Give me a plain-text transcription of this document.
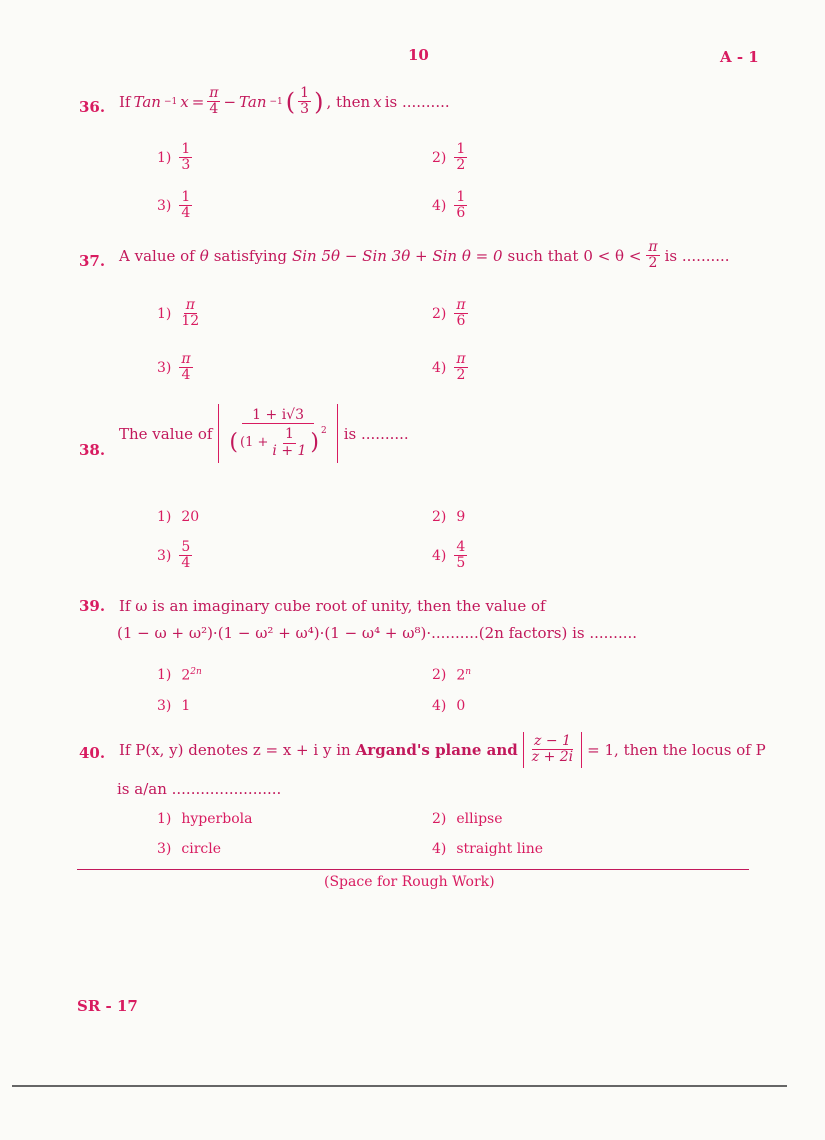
10	A - 1
36. If Tan −1 $x = \frac{\pi}{4}$ − Tan −1 ( $\frac{1}{3}$ ) , then x is ..........
$1) \frac{1}{3}$	$2) \frac{1}{2}$
$3) \frac{1}{4}$	$4) \frac{1}{6}$
37. A value of θ satisfying Sin 5θ − Sin 3θ + Sin θ = 0 such that $0 < \theta < \frac{\pi}{2}$ is ..........
$1) \frac{\pi}{12}$	$2) \frac{\pi}{6}$
$3) \frac{\pi}{4}$	$4) \frac{\pi}{2}$
38.
The value of $\frac{1 + i√3}{( (1 + \frac{1}{i + 1} )^2}$ is ..........
1) 20	2) 9
$3) \frac{5}{4}$	$4) \frac{4}{5}$
39. If ω is an imaginary cube root of unity, then the value of
(1 − ω + ω²)·(1 − ω² + ω⁴)·(1 − ω⁴ + ω⁸)·..........(2n factors) is ..........
1) $2^{2n}$	2) 2$^n$
3) 1	4) 0
40. If P(x, y) denotes z = x + i y in Argand's plane and $\frac{z - 1}{z + 2i} = 1$, then the locus of P
is a/an .......................
1) hyperbola	2) ellipse
3) circle	4) straight line
(Space for Rough Work)
SR - 17
